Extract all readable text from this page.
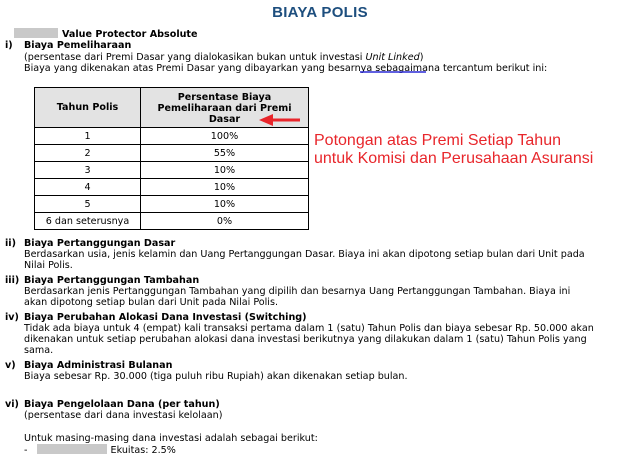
BIAYA POLIS
Value Protector Absolute
i) Biaya Pemeliharaan
(persentase dari Premi Dasar yang dialokasikan bukan untuk investasi Unit Linked)
Biaya yang dikenakan atas Premi Dasar yang dibayarkan yang besarnya sebagaimana tercantum berikut ini:
Tahun Polis	Persentase Biaya Pemeliharaan dari Premi Dasar
1	100%
2	55%
3	10%
4	10%
5	10%
6 dan seterusnya	0%
Potongan atas Premi Setiap Tahun
untuk Komisi dan Perusahaan Asuransi
ii) Biaya Pertanggungan Dasar
Berdasarkan usia, jenis kelamin dan Uang Pertanggungan Dasar. Biaya ini akan dipotong setiap bulan dari Unit pada Nilai Polis.
iii) Biaya Pertanggungan Tambahan
Berdasarkan jenis Pertanggungan Tambahan yang dipilih dan besarnya Uang Pertanggungan Tambahan. Biaya ini akan dipotong setiap bulan dari Unit pada Nilai Polis.
iv) Biaya Perubahan Alokasi Dana Investasi (Switching)
Tidak ada biaya untuk 4 (empat) kali transaksi pertama dalam 1 (satu) Tahun Polis dan biaya sebesar Rp. 50.000 akan dikenakan untuk setiap perubahan alokasi dana investasi berikutnya yang dilakukan dalam 1 (satu) Tahun Polis yang sama.
v) Biaya Administrasi Bulanan
Biaya sebesar Rp. 30.000 (tiga puluh ribu Rupiah) akan dikenakan setiap bulan.
vi) Biaya Pengelolaan Dana (per tahun)
(persentase dari dana investasi kelolaan)
Untuk masing-masing dana investasi adalah sebagai berikut:
-	Ekuitas: 2.5%
